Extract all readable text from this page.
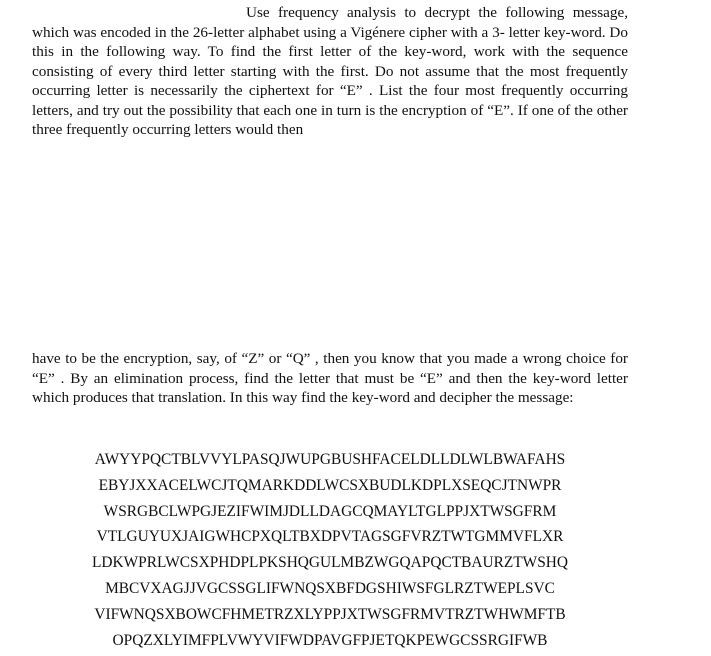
Use frequency analysis to decrypt the following message, which was encoded in the 26-letter alphabet using a Vigénere cipher with a 3- letter key-word. Do this in the following way. To find the first letter of the key-word, work with the sequence consisting of every third letter starting with the first. Do not assume that the most frequently occurring letter is necessarily the ciphertext for “E” . List the four most frequently occurring letters, and try out the possibility that each one in turn is the encryption of “E”. If one of the other three frequently occurring letters would then

have to be the encryption, say, of “Z” or “Q” , then you know that you made a wrong choice for “E” . By an elimination process, find the letter that must be “E” and then the key-word letter which produces that translation. In this way find the key-word and decipher the message:

AWYYPQCTBLVVYLPASQJWUPGBUSHFACELDLLDLWLBWAFAHS
EBYJXXACELWCJTQMARKDDLWCSXBUDLKDPLXSEQCJTNWPR
WSRGBCLWPGJEZIFWIMJDLLDAGCQMAYLTGLPPJXTWSGFRM
VTLGUYUXJAIGWHCPXQLTBXDPVTAGSGFVRZTWTGMMVFLXR
LDKWPRLWCSXPHDPLPKSHQGULMBZWGQAPQCTBAURZTWSHQ
MBCVXAGJJVGCSSGLIFWNQSXBFDGSHIWSFGLRZTWEPLSVC
VIFWNQSXBOWCFHMETRZXLYPPJXTWSGFRMVTRZTWHWMFTB
OPQZXLYIMFPLVWYVIFWDPAVGFPJETQKPEWGCSSRGIFWB
